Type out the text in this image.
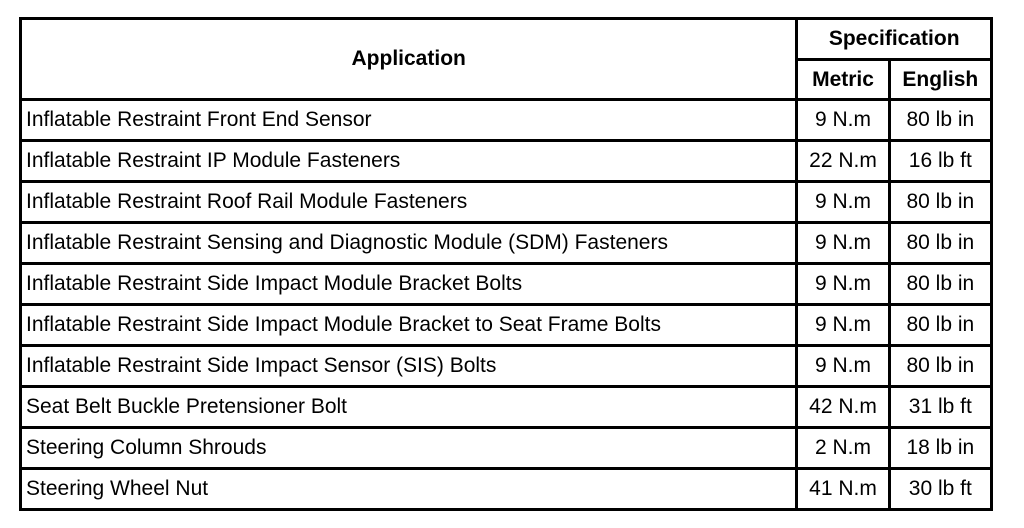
Application	Specification	
	Metric	English
Inflatable Restraint Front End Sensor	9 N.m	80 lb in
Inflatable Restraint IP Module Fasteners	22 N.m	16 lb ft
Inflatable Restraint Roof Rail Module Fasteners	9 N.m	80 lb in
Inflatable Restraint Sensing and Diagnostic Module (SDM) Fasteners	9 N.m	80 lb in
Inflatable Restraint Side Impact Module Bracket Bolts	9 N.m	80 lb in
Inflatable Restraint Side Impact Module Bracket to Seat Frame Bolts	9 N.m	80 lb in
Inflatable Restraint Side Impact Sensor (SIS) Bolts	9 N.m	80 lb in
Seat Belt Buckle Pretensioner Bolt	42 N.m	31 lb ft
Steering Column Shrouds	2 N.m	18 lb in
Steering Wheel Nut	41 N.m	30 lb ft
